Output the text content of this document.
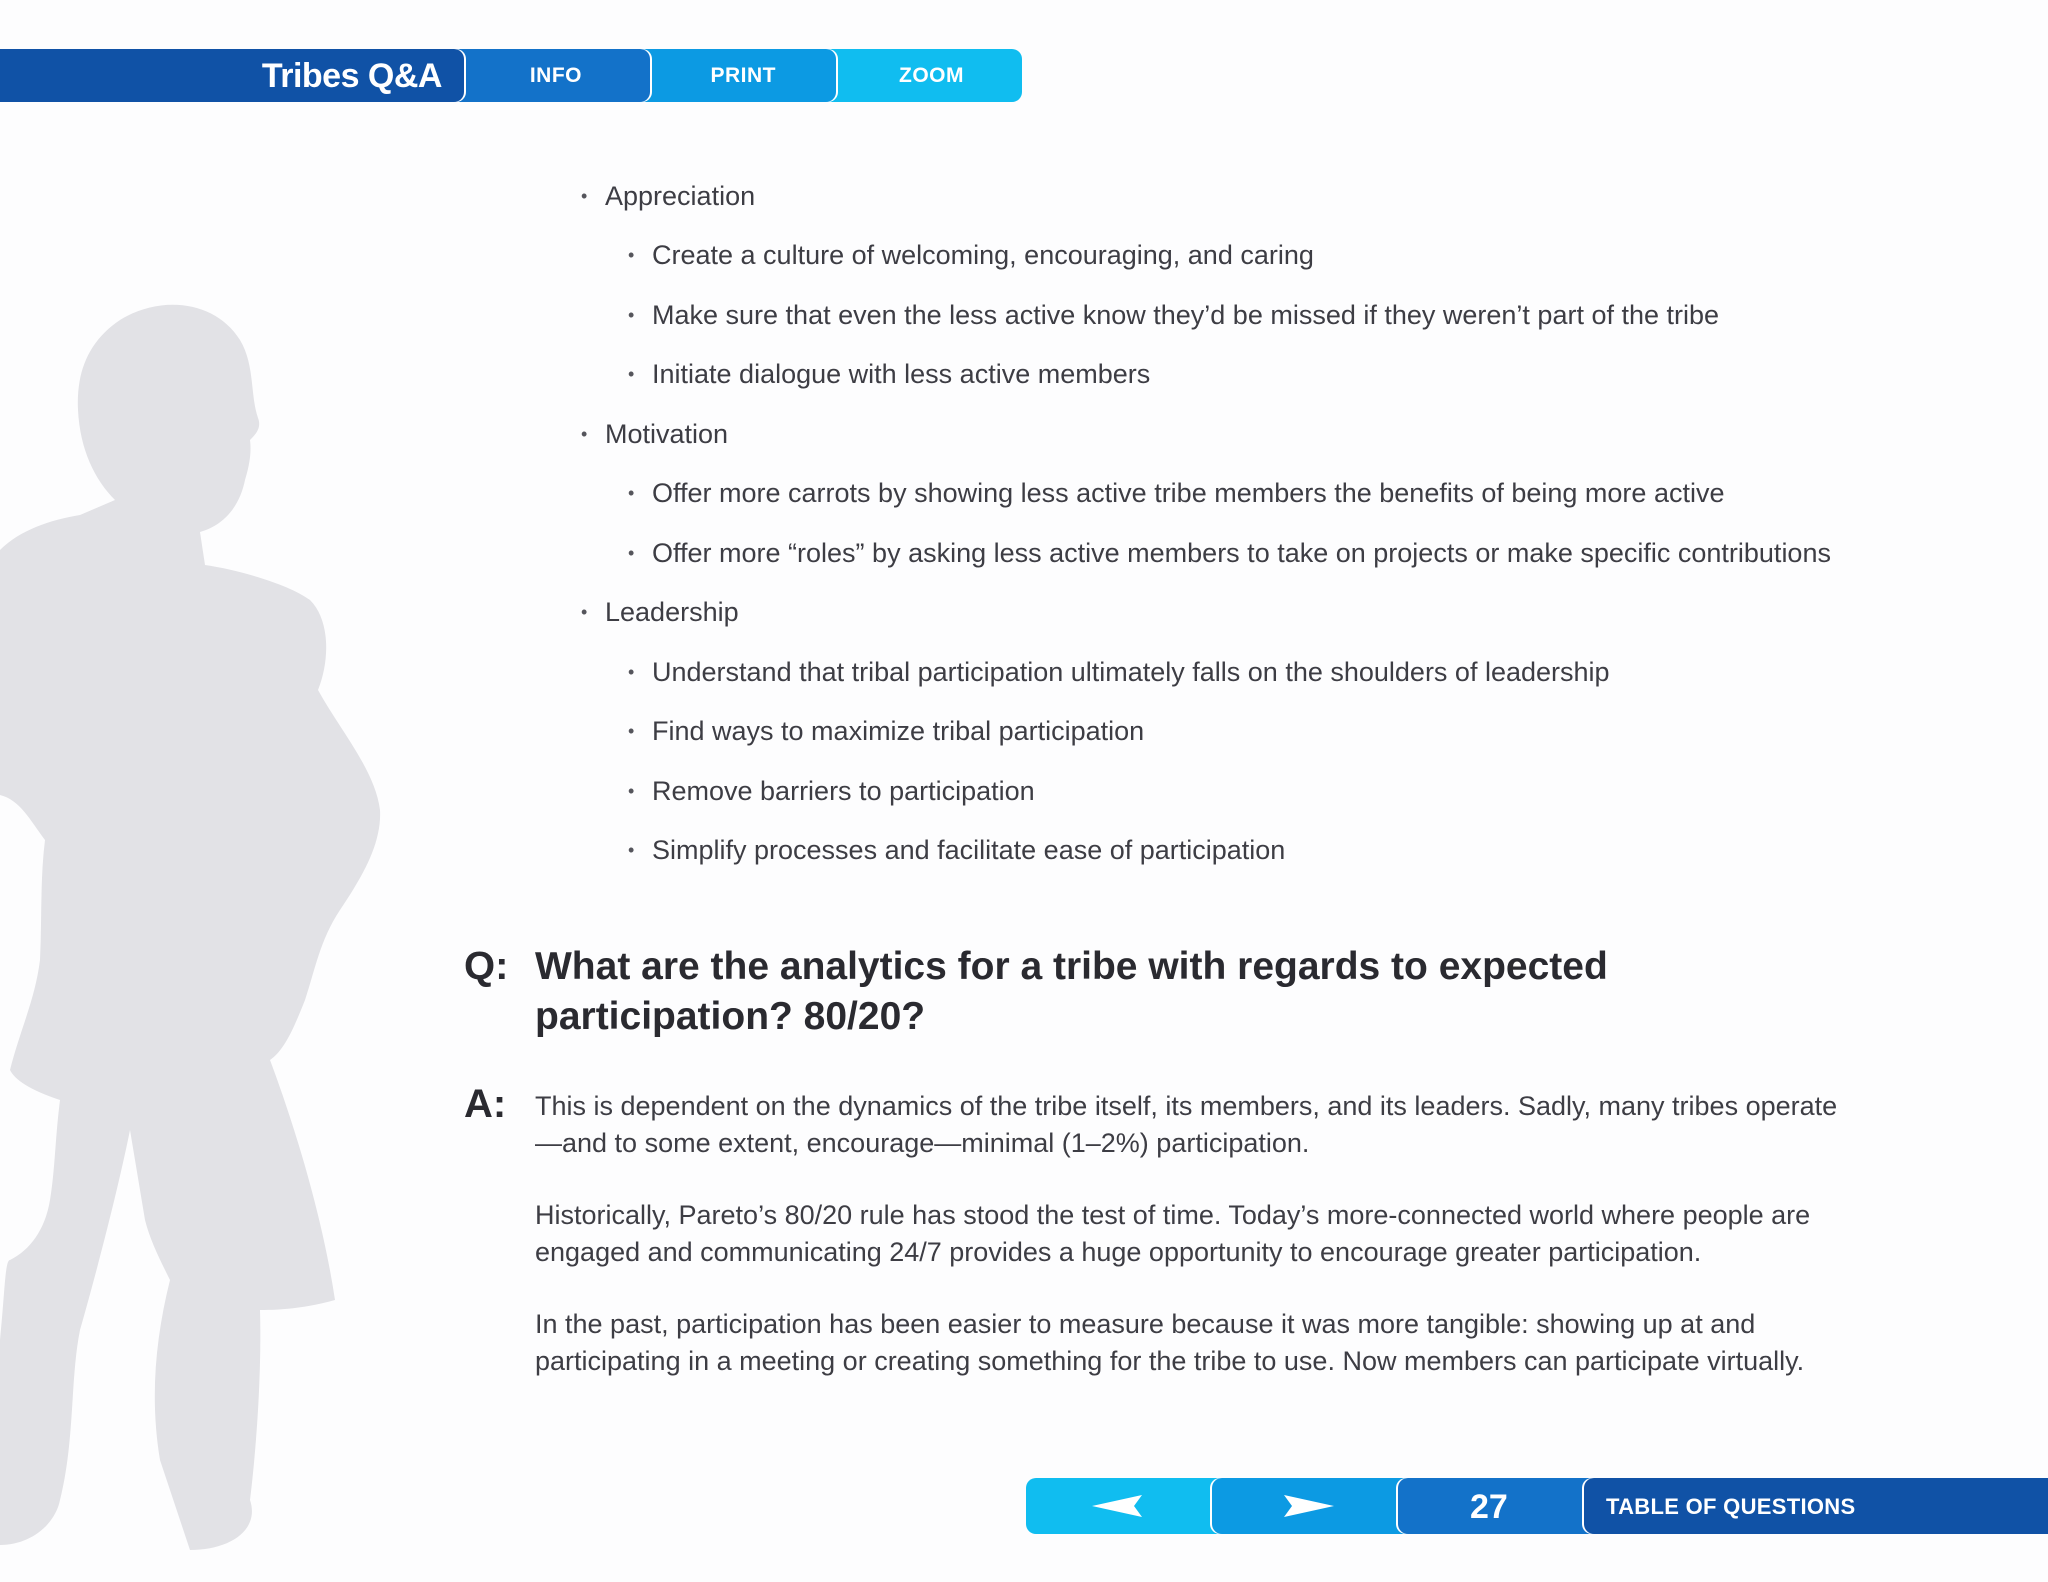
Tribes Q&A	INFO	PRINT	ZOOM
• Appreciation
• Create a culture of welcoming, encouraging, and caring
• Make sure that even the less active know they’d be missed if they weren’t part of the tribe
• Initiate dialogue with less active members
• Motivation
• Offer more carrots by showing less active tribe members the benefits of being more active
• Offer more “roles” by asking less active members to take on projects or make specific contributions
• Leadership
• Understand that tribal participation ultimately falls on the shoulders of leadership
• Find ways to maximize tribal participation
• Remove barriers to participation
• Simplify processes and facilitate ease of participation
Q: What are the analytics for a tribe with regards to expected participation? 80/20?
A: This is dependent on the dynamics of the tribe itself, its members, and its leaders. Sadly, many tribes operate—and to some extent, encourage—minimal (1–2%) participation.
Historically, Pareto’s 80/20 rule has stood the test of time. Today’s more-connected world where people are engaged and communicating 24/7 provides a huge opportunity to encourage greater participation.
In the past, participation has been easier to measure because it was more tangible: showing up at and participating in a meeting or creating something for the tribe to use. Now members can participate virtually.
27	TABLE OF QUESTIONS
